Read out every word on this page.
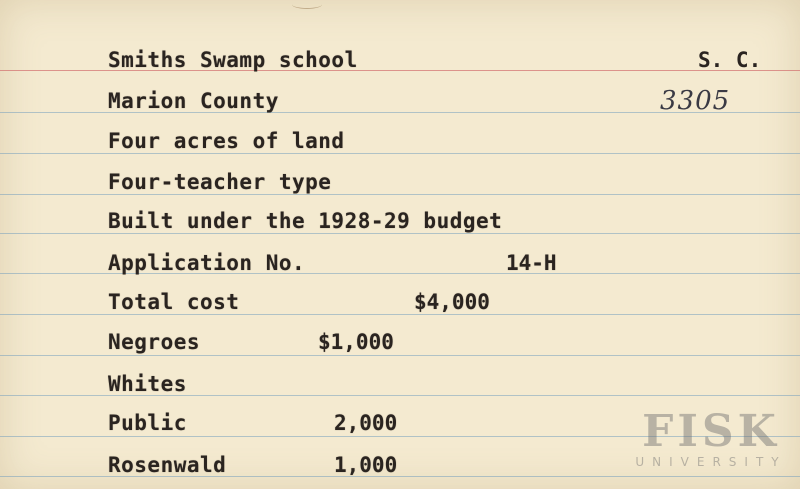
Smiths Swamp school
Marion County
Four acres of land
Four-teacher type
Built under the 1928-29 budget
Application No.
Total cost
Negroes
Whites
Public
Rosenwald
14-H
$4,000
$1,000
2,000
1,000
S. C.
3305
FISK
UNIVERSITY
